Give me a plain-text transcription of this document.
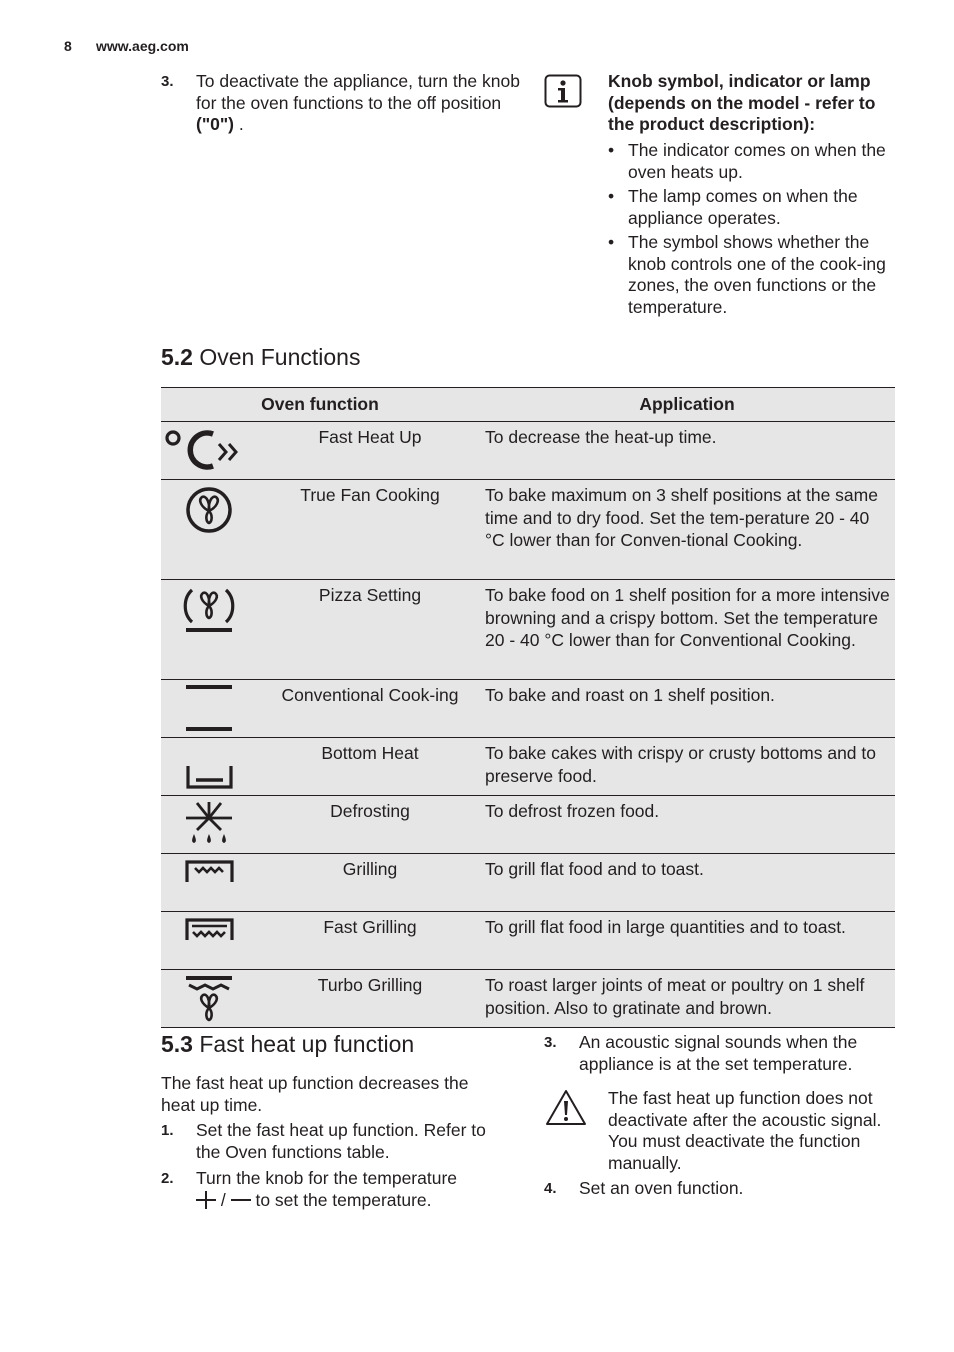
8 www.aeg.com
3. To deactivate the appliance, turn the knob for the oven functions to the off position ("0") .
Knob symbol, indicator or lamp (depends on the model - refer to the product description):
• The indicator comes on when the oven heats up.
• The lamp comes on when the appliance operates.
• The symbol shows whether the knob controls one of the cook-ing zones, the oven functions or the temperature.
5.2 Oven Functions
Oven function		Application

	Fast Heat Up	To decrease the heat-up time.

	True Fan Cooking	To bake maximum on 3 shelf positions at the same time and to dry food. Set the tem-perature 20 - 40 °C lower than for Conven-tional Cooking.

	Pizza Setting	To bake food on 1 shelf position for a more intensive browning and a crispy bottom. Set the temperature 20 - 40 °C lower than for Conventional Cooking.

	Conventional Cook-ing	To bake and roast on 1 shelf position.

	Bottom Heat	To bake cakes with crispy or crusty bottoms and to preserve food.

	Defrosting	To defrost frozen food.

	Grilling	To grill flat food and to toast.

	Fast Grilling	To grill flat food in large quantities and to toast.

	Turbo Grilling	To roast larger joints of meat or poultry on 1 shelf position. Also to gratinate and brown.
5.3 Fast heat up function
The fast heat up function decreases the heat up time.
1. Set the fast heat up function. Refer to the Oven functions table.
2. Turn the knob for the temperature
/  to set the temperature.
3. An acoustic signal sounds when the appliance is at the set temperature.
The fast heat up function does not deactivate after the acoustic signal. You must deactivate the function manually.
4. Set an oven function.
